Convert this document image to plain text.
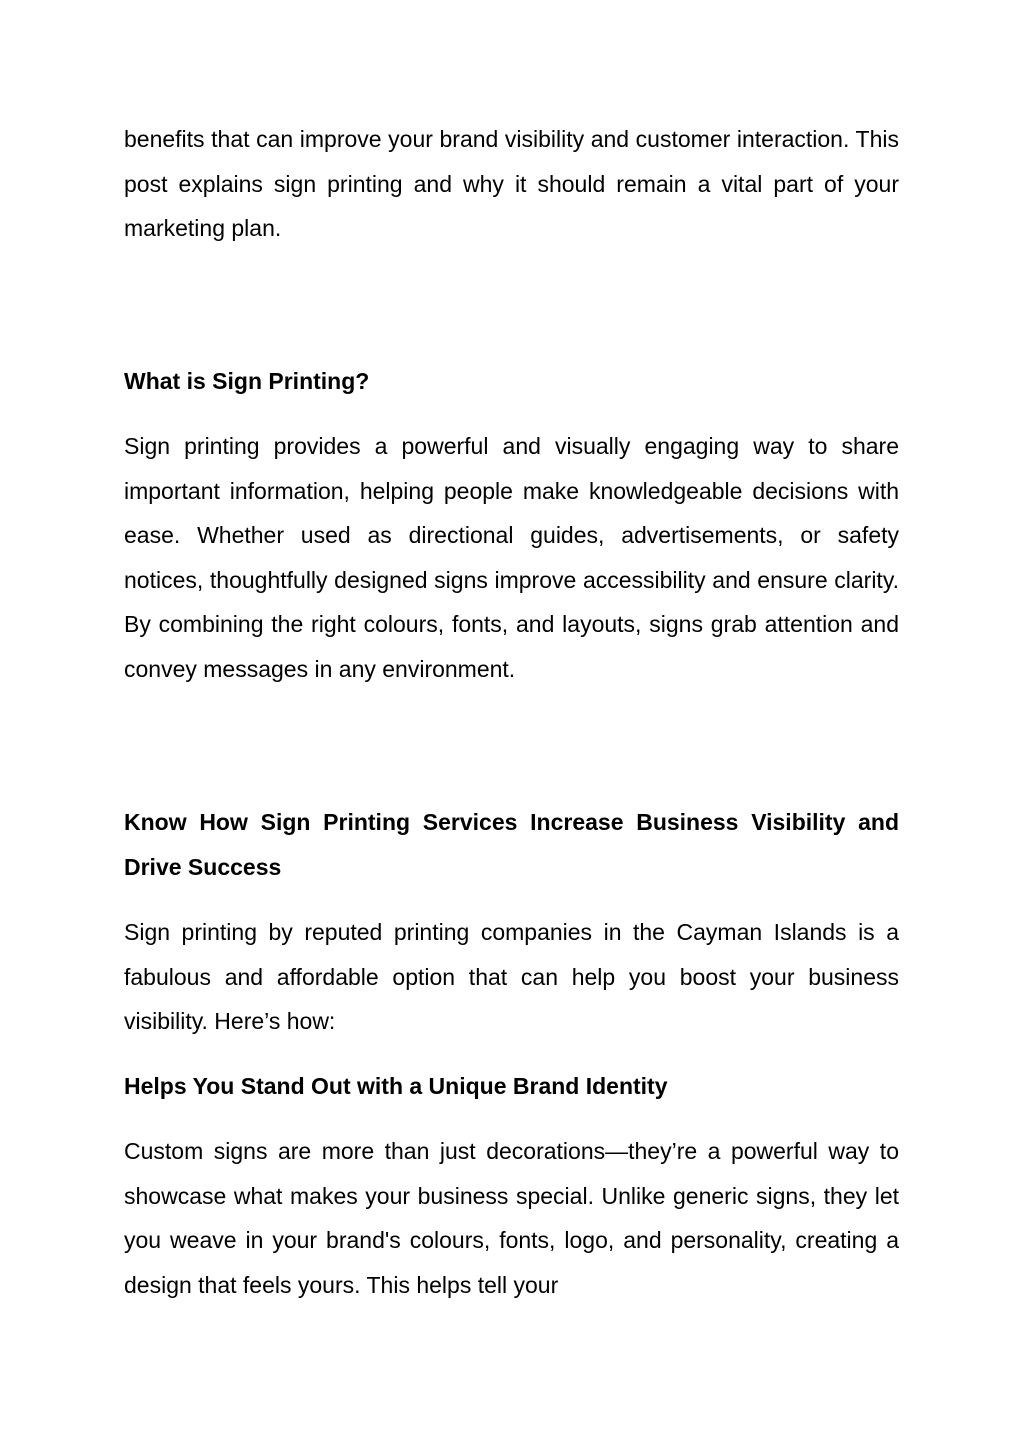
benefits that can improve your brand visibility and customer interaction. This post explains sign printing and why it should remain a vital part of your marketing plan.

What is Sign Printing?

Sign printing provides a powerful and visually engaging way to share important information, helping people make knowledgeable decisions with ease. Whether used as directional guides, advertisements, or safety notices, thoughtfully designed signs improve accessibility and ensure clarity. By combining the right colours, fonts, and layouts, signs grab attention and convey messages in any environment.

Know How Sign Printing Services Increase Business Visibility and Drive Success

Sign printing by reputed printing companies in the Cayman Islands is a fabulous and affordable option that can help you boost your business visibility. Here’s how:

Helps You Stand Out with a Unique Brand Identity

Custom signs are more than just decorations—they’re a powerful way to showcase what makes your business special. Unlike generic signs, they let you weave in your brand's colours, fonts, logo, and personality, creating a design that feels yours. This helps tell your
